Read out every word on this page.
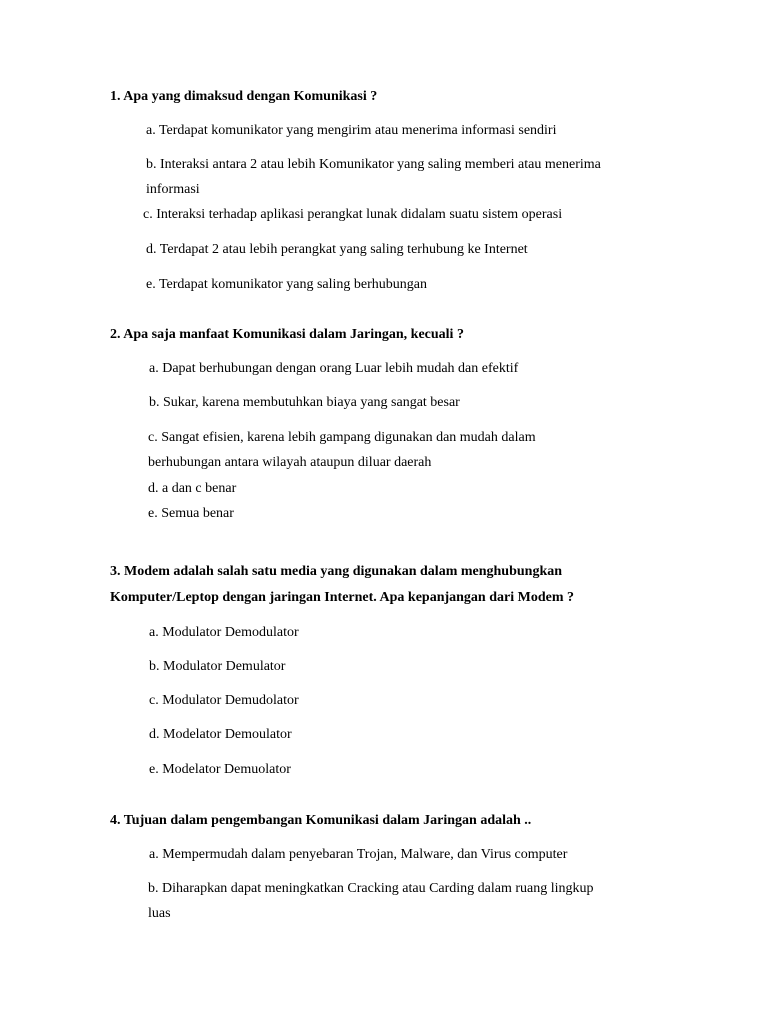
1. Apa yang dimaksud dengan Komunikasi ?
a. Terdapat komunikator yang mengirim atau menerima informasi sendiri
b. Interaksi antara 2 atau lebih Komunikator yang saling memberi atau menerima
informasi
c. Interaksi terhadap aplikasi perangkat lunak didalam suatu sistem operasi
d. Terdapat 2 atau lebih perangkat yang saling terhubung ke Internet
e. Terdapat komunikator yang saling berhubungan
2. Apa saja manfaat Komunikasi dalam Jaringan, kecuali ?
a. Dapat berhubungan dengan orang Luar lebih mudah dan efektif
b. Sukar, karena membutuhkan biaya yang sangat besar
c. Sangat efisien, karena lebih gampang digunakan dan mudah dalam
berhubungan antara wilayah ataupun diluar daerah
d. a dan c benar
e. Semua benar
3. Modem adalah salah satu media yang digunakan dalam menghubungkan
Komputer/Leptop dengan jaringan Internet. Apa kepanjangan dari Modem ?
a. Modulator Demodulator
b. Modulator Demulator
c. Modulator Demudolator
d. Modelator Demoulator
e. Modelator Demuolator
4. Tujuan dalam pengembangan Komunikasi dalam Jaringan adalah ..
a. Mempermudah dalam penyebaran Trojan, Malware, dan Virus computer
b. Diharapkan dapat meningkatkan Cracking atau Carding dalam ruang lingkup
luas
